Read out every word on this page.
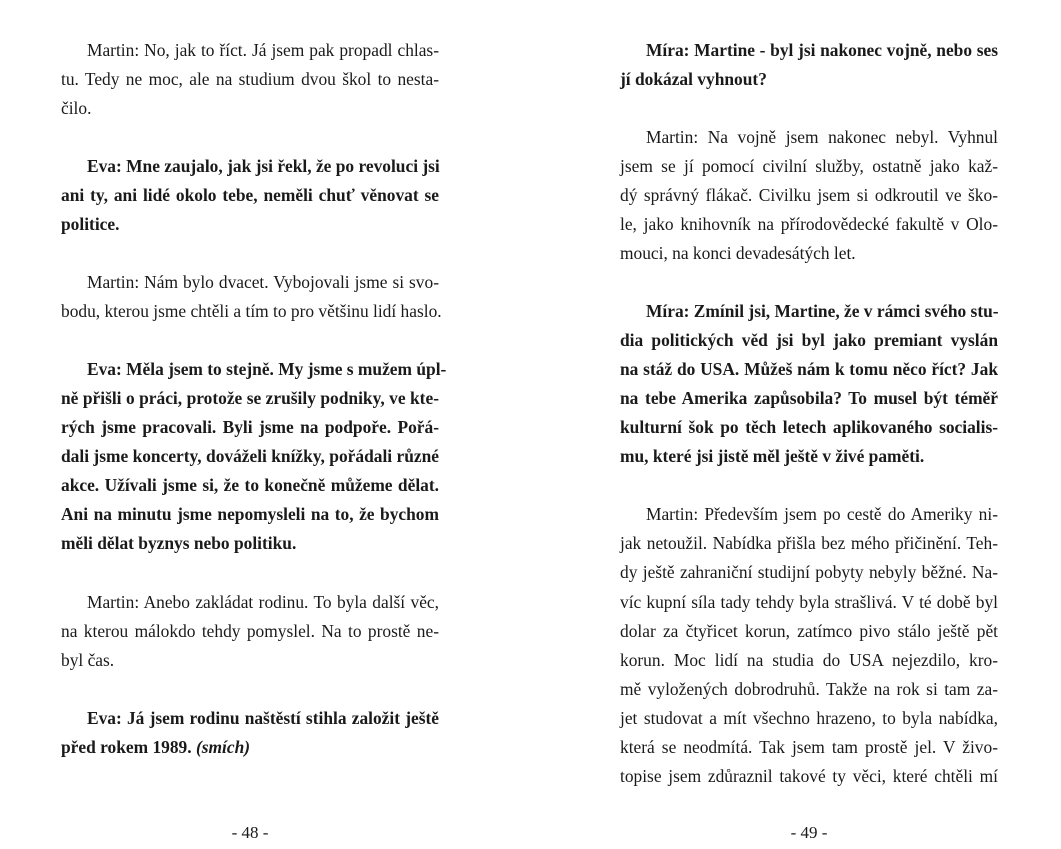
Martin: No, jak to říct. Já jsem pak propadl chlas-
tu. Tedy ne moc, ale na studium dvou škol to nesta-
čilo.
Eva: Mne zaujalo, jak jsi řekl, že po revoluci jsi
ani ty, ani lidé okolo tebe, neměli chuť věnovat se
politice.
Martin: Nám bylo dvacet. Vybojovali jsme si svo-
bodu, kterou jsme chtěli a tím to pro většinu lidí haslo.
Eva: Měla jsem to stejně. My jsme s mužem úpl-
ně přišli o práci, protože se zrušily podniky, ve kte-
rých jsme pracovali. Byli jsme na podpoře. Pořá-
dali jsme koncerty, dováželi knížky, pořádali různé
akce. Užívali jsme si, že to konečně můžeme dělat.
Ani na minutu jsme nepomysleli na to, že bychom
měli dělat byznys nebo politiku.
Martin: Anebo zakládat rodinu. To byla další věc,
na kterou málokdo tehdy pomyslel. Na to prostě ne-
byl čas.
Eva: Já jsem rodinu naštěstí stihla založit ještě
před rokem 1989. (smích)
- 48 -
Míra: Martine - byl jsi nakonec vojně, nebo ses
jí dokázal vyhnout?
Martin: Na vojně jsem nakonec nebyl. Vyhnul
jsem se jí pomocí civilní služby, ostatně jako kaž-
dý správný flákač. Civilku jsem si odkroutil ve ško-
le, jako knihovník na přírodovědecké fakultě v Olo-
mouci, na konci devadesátých let.
Míra: Zmínil jsi, Martine, že v rámci svého stu-
dia politických věd jsi byl jako premiant vyslán
na stáž do USA. Můžeš nám k tomu něco říct? Jak
na tebe Amerika zapůsobila? To musel být téměř
kulturní šok po těch letech aplikovaného socialis-
mu, které jsi jistě měl ještě v živé paměti.
Martin: Především jsem po cestě do Ameriky ni-
jak netoužil. Nabídka přišla bez mého přičinění. Teh-
dy ještě zahraniční studijní pobyty nebyly běžné. Na-
víc kupní síla tady tehdy byla strašlivá. V té době byl
dolar za čtyřicet korun, zatímco pivo stálo ještě pět
korun. Moc lidí na studia do USA nejezdilo, kro-
mě vyložených dobrodruhů. Takže na rok si tam za-
jet studovat a mít všechno hrazeno, to byla nabídka,
která se neodmítá. Tak jsem tam prostě jel. V živo-
topise jsem zdůraznil takové ty věci, které chtěli mí
- 49 -
